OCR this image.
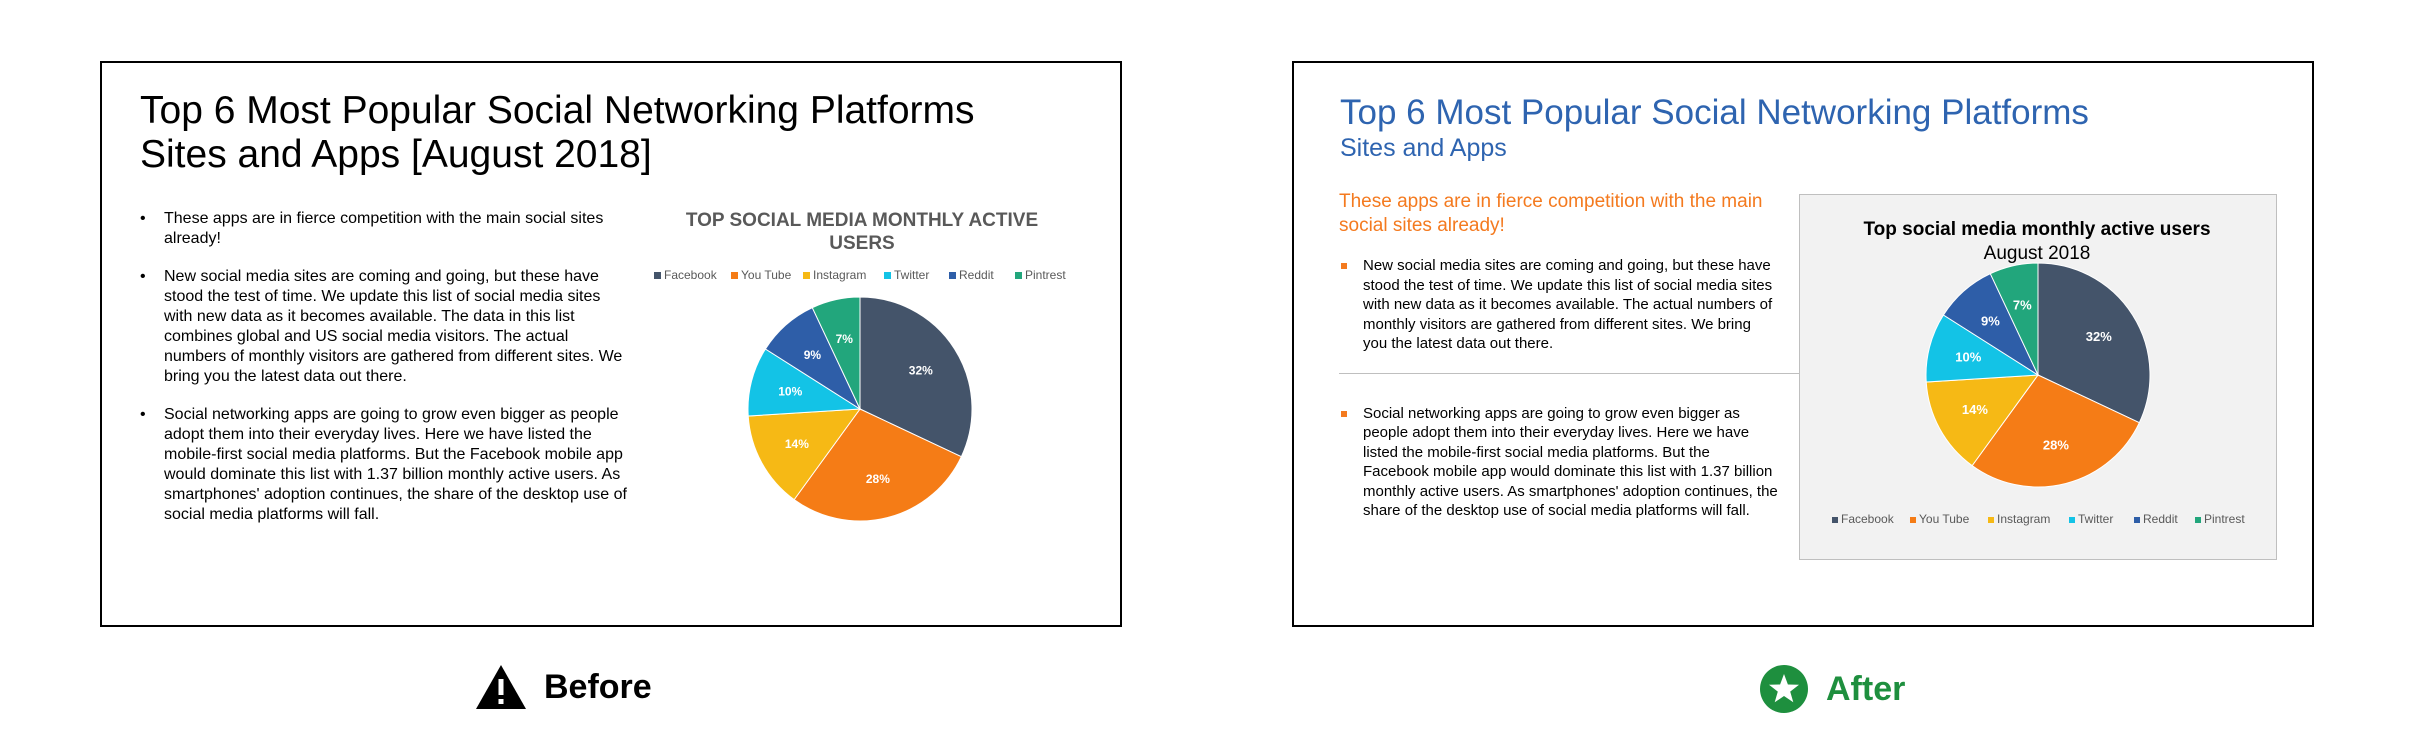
Top 6 Most Popular Social Networking Platforms
Sites and Apps [August 2018]
• These apps are in fierce competition with the main social sites already!
• New social media sites are coming and going, but these have stood the test of time. We update this list of social media sites with new data as it becomes available. The data in this list combines global and US social media visitors. The actual numbers of monthly visitors are gathered from different sites. We bring you the latest data out there.
• Social networking apps are going to grow even bigger as people adopt them into their everyday lives. Here we have listed the mobile-first social media platforms. But the Facebook mobile app would dominate this list with 1.37 billion monthly active users. As smartphones' adoption continues, the share of the desktop use of social media platforms will fall.
TOP SOCIAL MEDIA MONTHLY ACTIVE
USERS
Facebook You Tube Instagram Twitter Reddit	Pintrest
32%
28%
14%
10%
9%
7%
Top 6 Most Popular Social Networking Platforms
Sites and Apps
These apps are in fierce competition with the main social sites already!
New social media sites are coming and going, but these have stood the test of time. We update this list of social media sites with new data as it becomes available. The actual numbers of monthly visitors are gathered from different sites. We bring you the latest data out there.
Social networking apps are going to grow even bigger as people adopt them into their everyday lives. Here we have listed the mobile-first social media platforms. But the Facebook mobile app would dominate this list with 1.37 billion monthly active users. As smartphones' adoption continues, the share of the desktop use of social media platforms will fall.
Top social media monthly active users
August 2018
32%
28%
14%
10%
9%
7%
Facebook You Tube Instagram Twitter Reddit Pintrest
Before	After
